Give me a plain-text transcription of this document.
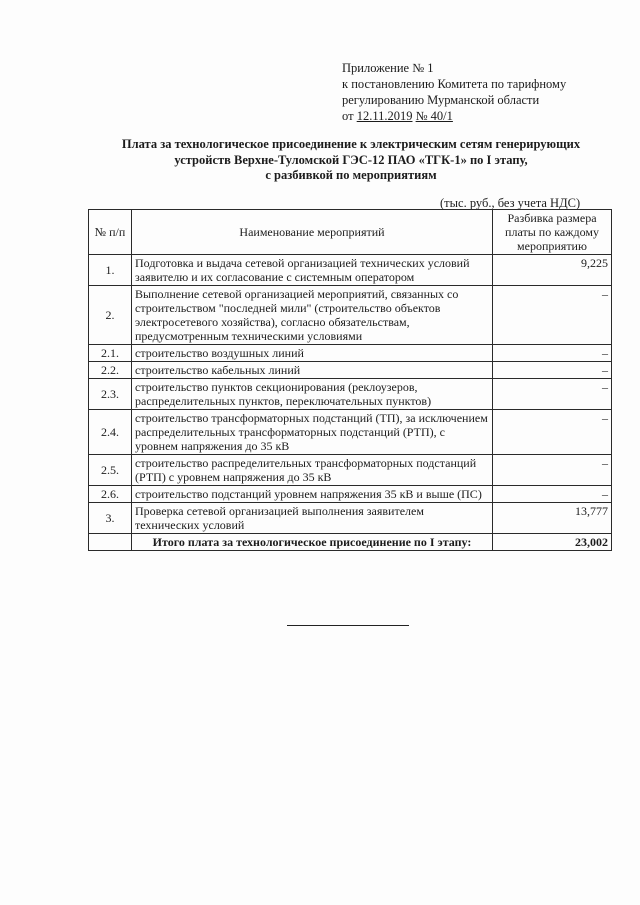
Приложение № 1
к постановлению Комитета по тарифному
регулированию Мурманской области
от 12.11.2019 № 40/1
Плата за технологическое присоединение к электрическим сетям генерирующих
устройств Верхне-Туломской ГЭС-12 ПАО «ТГК-1» по I этапу,
с разбивкой по мероприятиям
(тыс. руб., без учета НДС)
№ п/п	Наименование мероприятий	Разбивка размера платы по каждому мероприятию
1.	Подготовка и выдача сетевой организацией технических условий заявителю и их согласование с системным оператором	9,225
2.	Выполнение сетевой организацией мероприятий, связанных со строительством "последней мили" (строительство объектов электросетевого хозяйства), согласно обязательствам, предусмотренным техническими условиями	–
2.1.	строительство воздушных линий	–
2.2.	строительство кабельных линий	–
2.3.	строительство пунктов секционирования (реклоузеров, распределительных пунктов, переключательных пунктов)	–
2.4.	строительство трансформаторных подстанций (ТП), за исключением распределительных трансформаторных подстанций (РТП), с уровнем напряжения до 35 кВ	–
2.5.	строительство распределительных трансформаторных подстанций (РТП) с уровнем напряжения до 35 кВ	–
2.6.	строительство подстанций уровнем напряжения 35 кВ и выше (ПС)	–
3.	Проверка сетевой организацией выполнения заявителем технических условий	13,777
	Итого плата за технологическое присоединение по I этапу:	23,002
